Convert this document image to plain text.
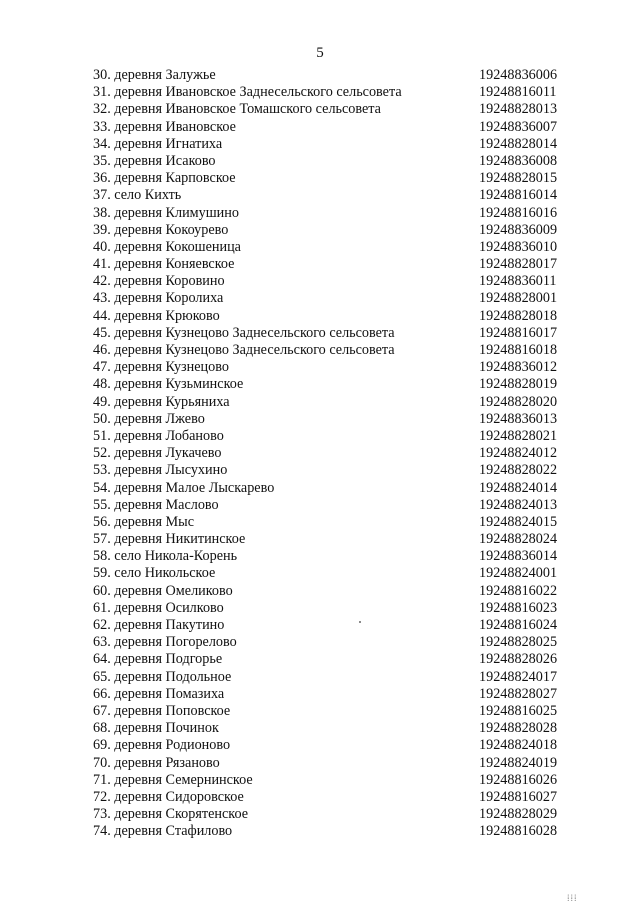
5
30. деревня Залужье	19248836006
31. деревня Ивановское Заднесельского сельсовета	19248816011
32. деревня Ивановское Томашского сельсовета	19248828013
33. деревня Ивановское	19248836007
34. деревня Игнатиха	19248828014
35. деревня Исаково	19248836008
36. деревня Карповское	19248828015
37. село Кихть	19248816014
38. деревня Климушино	19248816016
39. деревня Кокоурево	19248836009
40. деревня Кокошеница	19248836010
41. деревня Коняевское	19248828017
42. деревня Коровино	19248836011
43. деревня Королиха	19248828001
44. деревня Крюково	19248828018
45. деревня Кузнецово Заднесельского сельсовета	19248816017
46. деревня Кузнецово Заднесельского сельсовета	19248816018
47. деревня Кузнецово	19248836012
48. деревня Кузьминское	19248828019
49. деревня Курьяниха	19248828020
50. деревня Лжево	19248836013
51. деревня Лобаново	19248828021
52. деревня Лукачево	19248824012
53. деревня Лысухино	19248828022
54. деревня Малое Лыскарево	19248824014
55. деревня Маслово	19248824013
56. деревня Мыс	19248824015
57. деревня Никитинское	19248828024
58. село Никола-Корень	19248836014
59. село Никольское	19248824001
60. деревня Омеликово	19248816022
61. деревня Осилково	19248816023
62. деревня Пакутино	19248816024
63. деревня Погорелово	19248828025
64. деревня Подгорье	19248828026
65. деревня Подольное	19248824017
66. деревня Помазиха	19248828027
67. деревня Поповское	19248816025
68. деревня Починок	19248828028
69. деревня Родионово	19248824018
70. деревня Рязаново	19248824019
71. деревня Семернинское	19248816026
72. деревня Сидоровское	19248816027
73. деревня Скорятенское	19248828029
74. деревня Стафилово	19248816028
⁞⁞⁞
